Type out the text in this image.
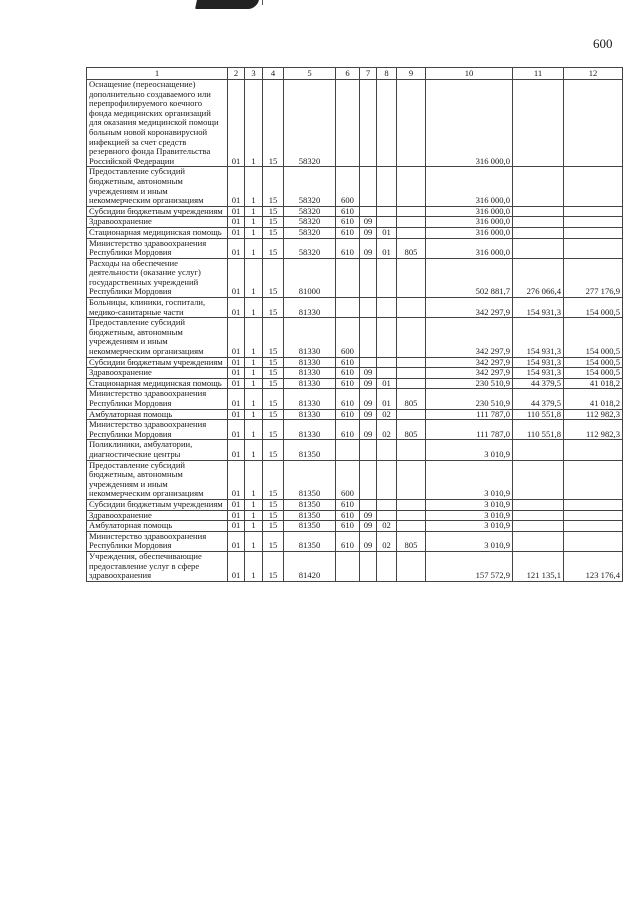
600
1	2	3	4	5	6	7	8	9	10	11	12
Оснащение (переоснащение) дополнительно создаваемого или перепрофилируемого коечного фонда медицинских организаций для оказания медицинской помощи больным новой коронавирусной инфекцией за счет средств резервного фонда Правительства Российской Федерации	01	1	15	58320					316 000,0		
Предоставление субсидий бюджетным, автономным учреждениям и иным некоммерческим организациям	01	1	15	58320	600				316 000,0		
Субсидии бюджетным учреждениям	01	1	15	58320	610				316 000,0		
Здравоохранение	01	1	15	58320	610	09			316 000,0		
Стационарная медицинская помощь	01	1	15	58320	610	09	01		316 000,0		
Министерство здравоохранения Республики Мордовия	01	1	15	58320	610	09	01	805	316 000,0		
Расходы на обеспечение деятельности (оказание услуг) государственных учреждений Республики Мордовия	01	1	15	81000					502 881,7	276 066,4	277 176,9
Больницы, клиники, госпитали, медико-санитарные части	01	1	15	81330					342 297,9	154 931,3	154 000,5
Предоставление субсидий бюджетным, автономным учреждениям и иным некоммерческим организациям	01	1	15	81330	600				342 297,9	154 931,3	154 000,5
Субсидии бюджетным учреждениям	01	1	15	81330	610				342 297,9	154 931,3	154 000,5
Здравоохранение	01	1	15	81330	610	09			342 297,9	154 931,3	154 000,5
Стационарная медицинская помощь	01	1	15	81330	610	09	01		230 510,9	44 379,5	41 018,2
Министерство здравоохранения Республики Мордовия	01	1	15	81330	610	09	01	805	230 510,9	44 379,5	41 018,2
Амбулаторная помощь	01	1	15	81330	610	09	02		111 787,0	110 551,8	112 982,3
Министерство здравоохранения Республики Мордовия	01	1	15	81330	610	09	02	805	111 787,0	110 551,8	112 982,3
Поликлиники, амбулатории, диагностические центры	01	1	15	81350					3 010,9		
Предоставление субсидий бюджетным, автономным учреждениям и иным некоммерческим организациям	01	1	15	81350	600				3 010,9		
Субсидии бюджетным учреждениям	01	1	15	81350	610				3 010,9		
Здравоохранение	01	1	15	81350	610	09			3 010,9		
Амбулаторная помощь	01	1	15	81350	610	09	02		3 010,9		
Министерство здравоохранения Республики Мордовия	01	1	15	81350	610	09	02	805	3 010,9		
Учреждения, обеспечивающие предоставление услуг в сфере здравоохранения	01	1	15	81420					157 572,9	121 135,1	123 176,4
